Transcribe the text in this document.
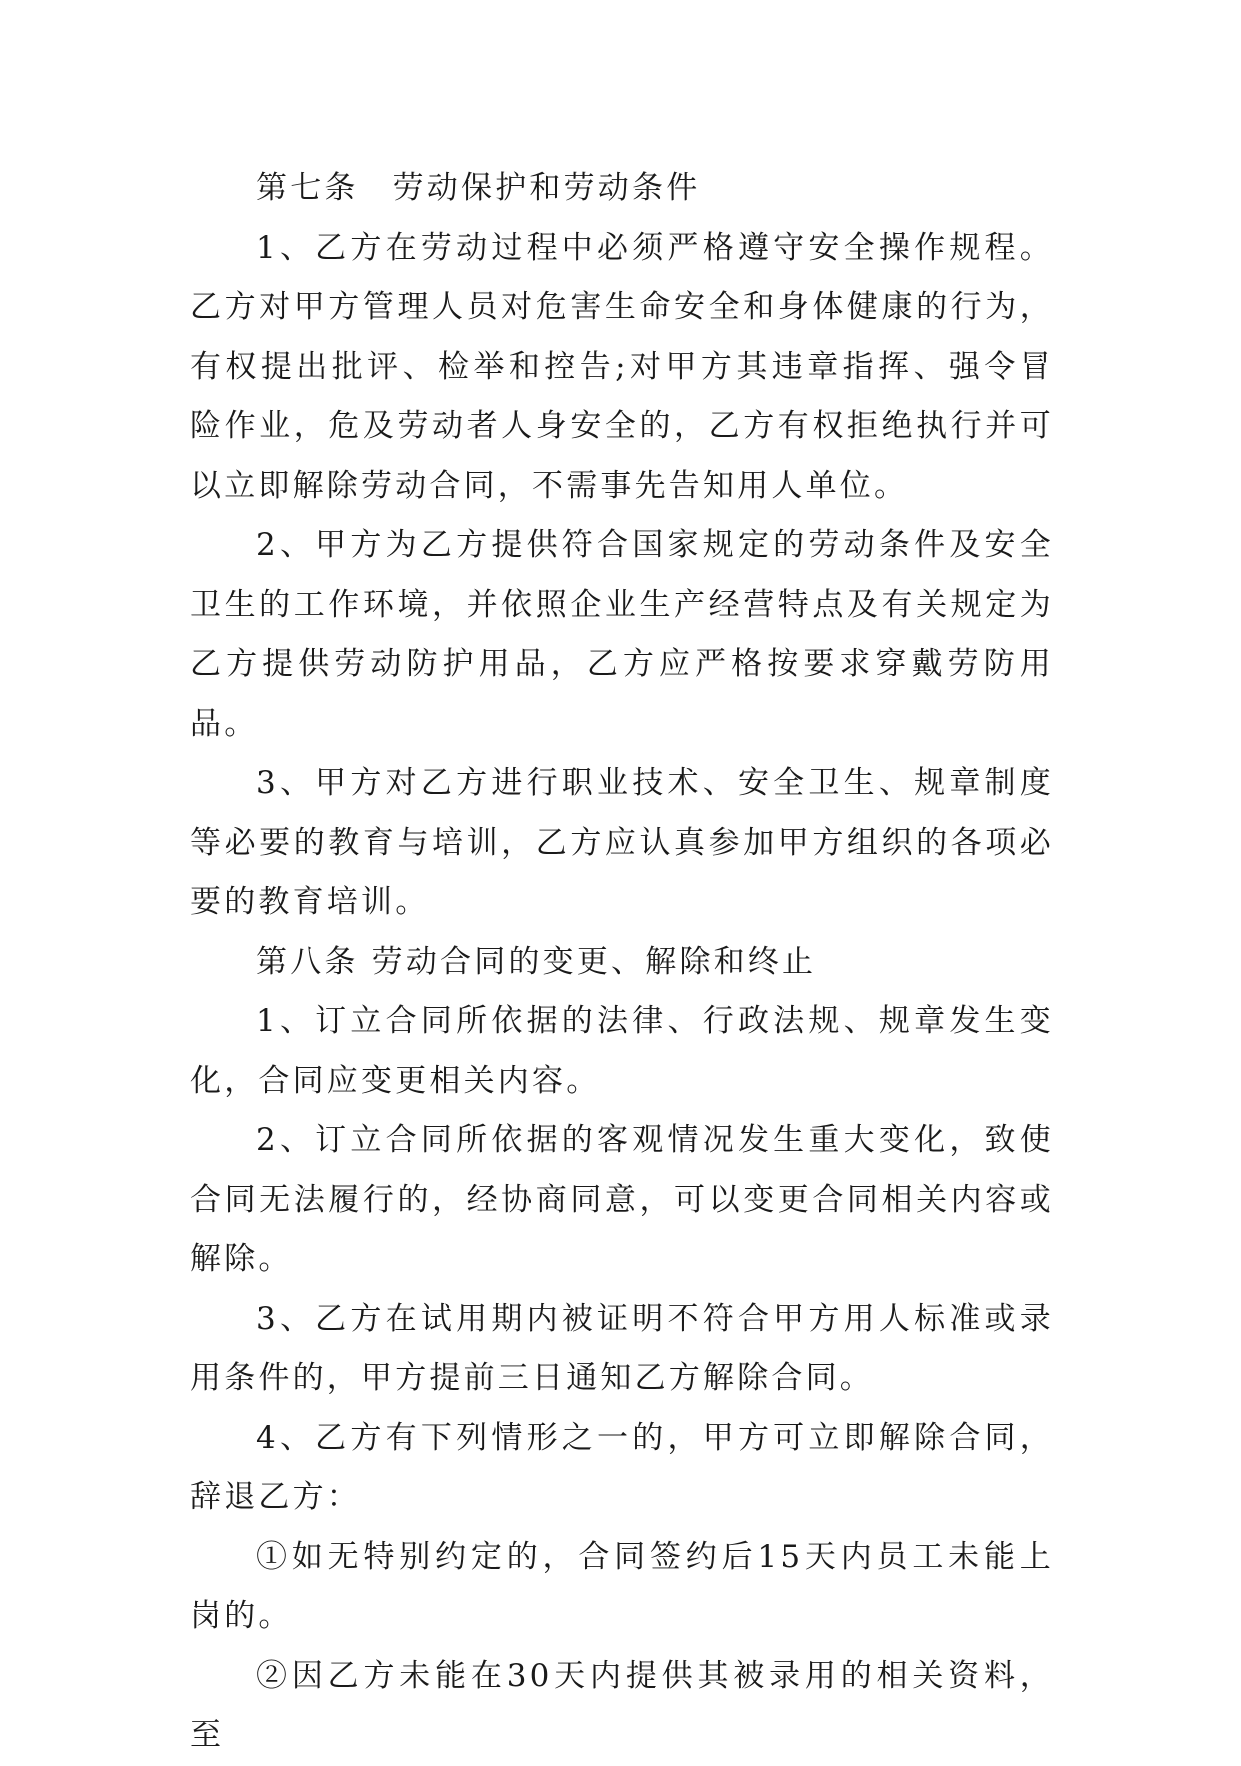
第七条 劳动保护和劳动条件

1、乙方在劳动过程中必须严格遵守安全操作规程。乙方对甲方管理人员对危害生命安全和身体健康的行为，有权提出批评、检举和控告;对甲方其违章指挥、强令冒险作业，危及劳动者人身安全的，乙方有权拒绝执行并可以立即解除劳动合同，不需事先告知用人单位。

2、甲方为乙方提供符合国家规定的劳动条件及安全卫生的工作环境，并依照企业生产经营特点及有关规定为乙方提供劳动防护用品，乙方应严格按要求穿戴劳防用品。

3、甲方对乙方进行职业技术、安全卫生、规章制度等必要的教育与培训，乙方应认真参加甲方组织的各项必要的教育培训。

第八条 劳动合同的变更、解除和终止

1、订立合同所依据的法律、行政法规、规章发生变化，合同应变更相关内容。

2、订立合同所依据的客观情况发生重大变化，致使合同无法履行的，经协商同意，可以变更合同相关内容或解除。

3、乙方在试用期内被证明不符合甲方用人标准或录用条件的，甲方提前三日通知乙方解除合同。

4、乙方有下列情形之一的，甲方可立即解除合同，辞退乙方：

①如无特别约定的，合同签约后15天内员工未能上岗的。

②因乙方未能在30天内提供其被录用的相关资料，至
